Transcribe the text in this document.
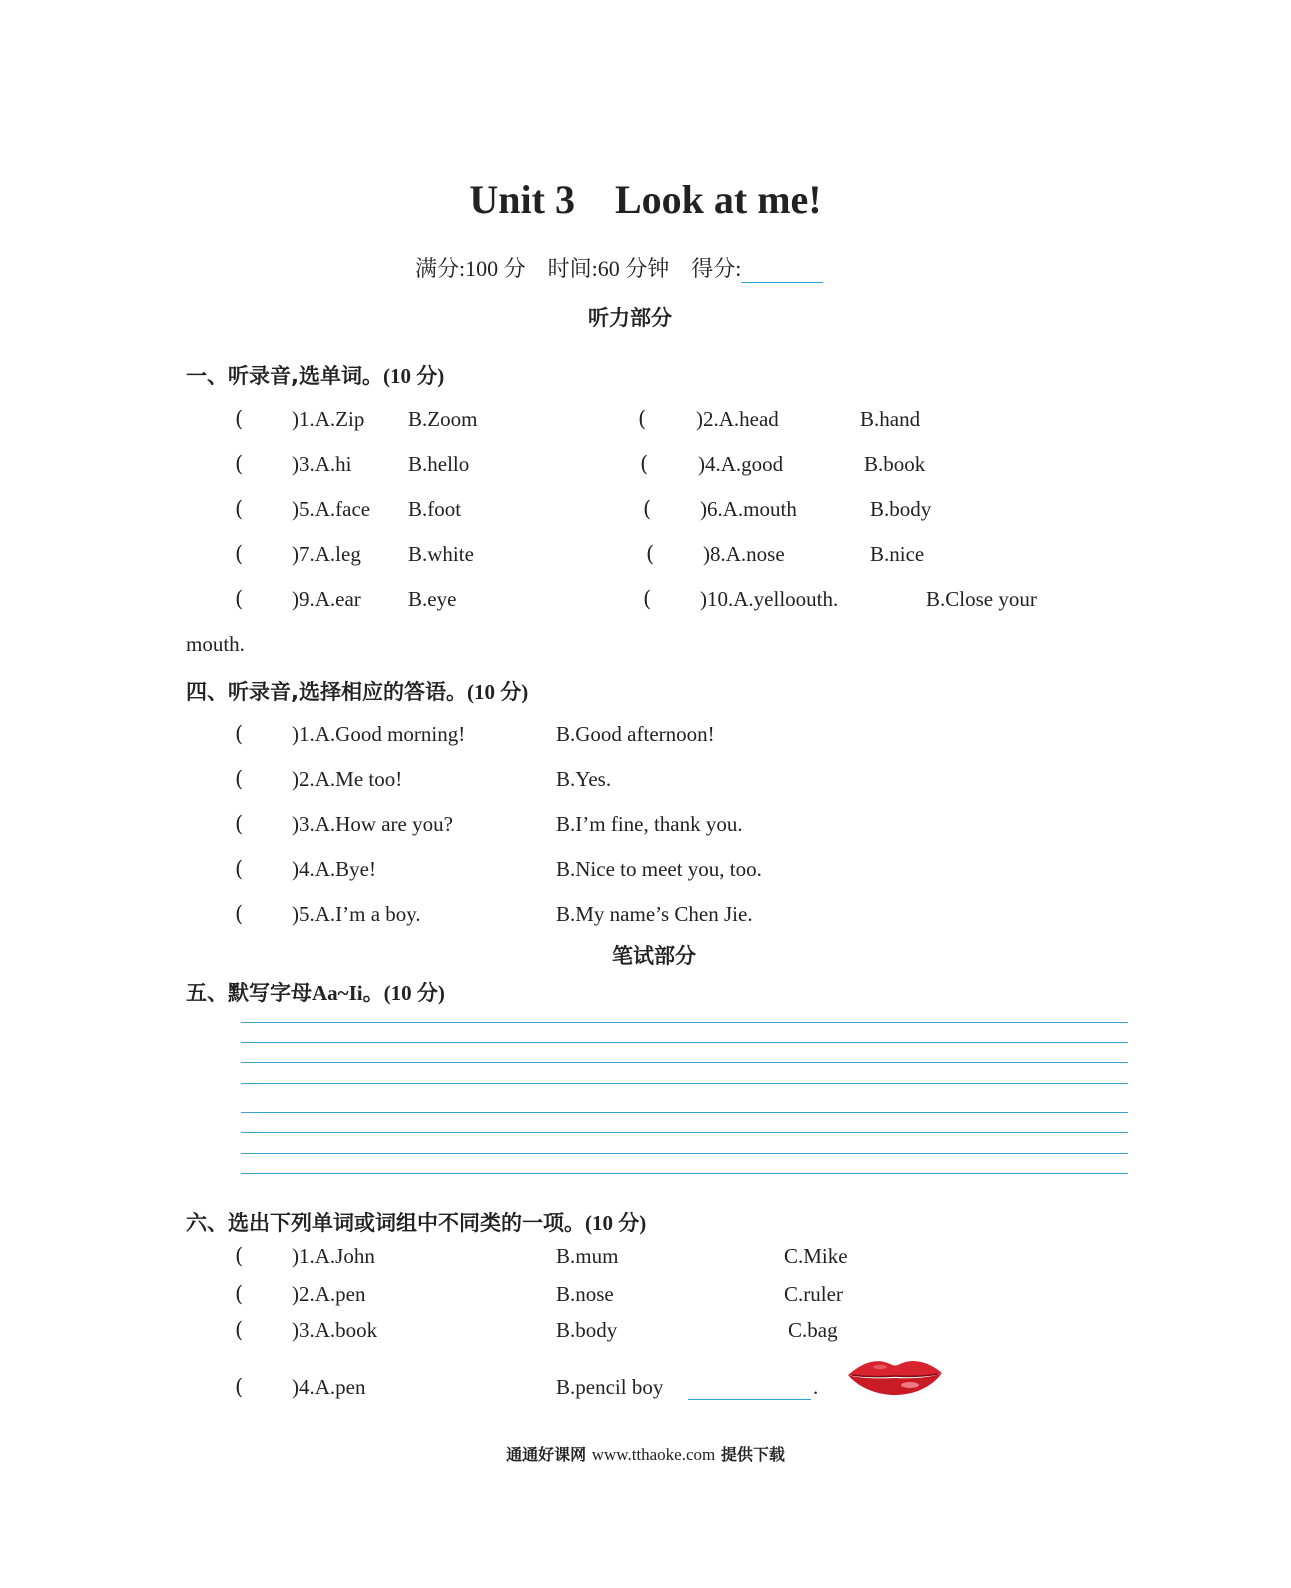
Unit 3    Look at me!
满分:100 分 时间:60 分钟 得分:
听力部分
一、听录音,选单词。(10 分)
( )1.A.Zip B.Zoom	( )2.A.head	B.hand
( )3.A.hi	B.hello	( )4.A.good	B.book
( )5.A.face B.foot	( )6.A.mouth	B.body
( )7.A.leg B.white	( )8.A.nose	B.nice
( )9.A.ear B.eye	( )10.A.yelloouth.	B.Close your
mouth.
四、听录音,选择相应的答语。(10 分)
( )1.A.Good morning!	B.Good afternoon!
( )2.A.Me too!	B.Yes.
( )3.A.How are you?	B.I’m fine, thank you.
( )4.A.Bye!	B.Nice to meet you, too.
( )5.A.I’m a boy.	B.My name’s Chen Jie.
笔试部分
五、默写字母Aa~Ii。(10 分)
六、选出下列单词或词组中不同类的一项。(10 分)
( )1.A.John	B.mum	C.Mike
( )2.A.pen	B.nose	C.ruler
( )3.A.book	B.body	C.bag
( )4.A.pen	B.pencil boy	.
通通好课网 www.tthaoke.com 提供下载
